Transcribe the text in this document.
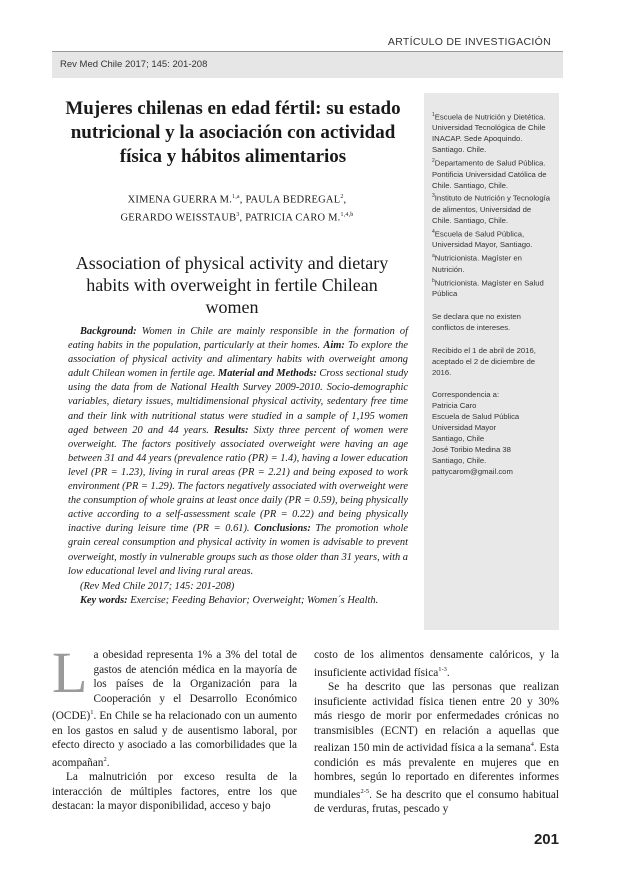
ARTÍCULO DE INVESTIGACIÓN
Rev Med Chile 2017; 145: 201-208
Mujeres chilenas en edad fértil: su estado nutricional y la asociación con actividad física y hábitos alimentarios
XIMENA GUERRA M.$^{1,a}$, PAULA BEDREGAL$^2$,
GERARDO WEISSTAUB$^3$, PATRICIA CARO M.$^{1,4,b}$
Association of physical activity and dietary habits with overweight in fertile Chilean women

Background: Women in Chile are mainly responsible in the formation of eating habits in the population, particularly at their homes. Aim: To explore the association of physical activity and alimentary habits with overweight among adult Chilean women in fertile age. Material and Methods: Cross sectional study using the data from de National Health Survey 2009-2010. Socio-demographic variables, dietary issues, multidimensional physical activity, sedentary free time and their link with nutritional status were studied in a sample of 1,195 women aged between 20 and 44 years. Results: Sixty three percent of women were overweight. The factors positively associated overweight were having an age between 31 and 44 years (prevalence ratio (PR) = 1.4), having a lower education level (PR = 1.23), living in rural areas (PR = 2.21) and being exposed to work environment (PR = 1.29). The factors negatively associated with overweight were the consumption of whole grains at least once daily (PR = 0.59), being physically active according to a self-assessment scale (PR = 0.22) and being physically inactive during leisure time (PR = 0.61). Conclusions: The promotion whole grain cereal consumption and physical activity in women is advisable to prevent overweight, mostly in vulnerable groups such as those older than 31 years, with a low educational level and living rural areas.

(Rev Med Chile 2017; 145: 201-208)

Key words: Exercise; Feeding Behavior; Overweight; Women´s Health.

$^1$Escuela de Nutrición y Dietética. Universidad Tecnológica de Chile INACAP. Sede Apoquindo. Santiago. Chile.

$^2$Departamento de Salud Pública. Pontificia Universidad Católica de Chile. Santiago, Chile.

$^3$Instituto de Nutrición y Tecnología de alimentos, Universidad de Chile. Santiago, Chile.

$^4$Escuela de Salud Pública, Universidad Mayor, Santiago.

$^a$Nutricionista. Magíster en Nutrición.

$^b$Nutricionista. Magíster en Salud Pública

Se declara que no existen conflictos de intereses.
Recibido el 1 de abril de 2016, aceptado el 2 de diciembre de 2016.
Correspondencia a:
Patricia Caro
Escuela de Salud Pública
Universidad Mayor
Santiago, Chile
José Toribio Medina 38
Santiago, Chile.
pattycarom@gmail.com

La obesidad representa 1% a 3% del total de gastos de atención médica en la mayoría de los países de la Organización para la Cooperación y el Desarrollo Económico (OCDE)$^1$. En Chile se ha relacionado con un aumento en los gastos en salud y de ausentismo laboral, por efecto directo y asociado a las comorbilidades que la acompañan$^2$.

La malnutrición por exceso resulta de la interacción de múltiples factores, entre los que destacan: la mayor disponibilidad, acceso y bajo

costo de los alimentos densamente calóricos, y la insuficiente actividad física$^{1-3}$.

Se ha descrito que las personas que realizan insuficiente actividad física tienen entre 20 y 30% más riesgo de morir por enfermedades crónicas no transmisibles (ECNT) en relación a aquellas que realizan 150 min de actividad física a la semana$^4$. Esta condición es más prevalente en mujeres que en hombres, según lo reportado en diferentes informes mundiales$^{2-5}$. Se ha descrito que el consumo habitual de verduras, frutas, pescado y

201
